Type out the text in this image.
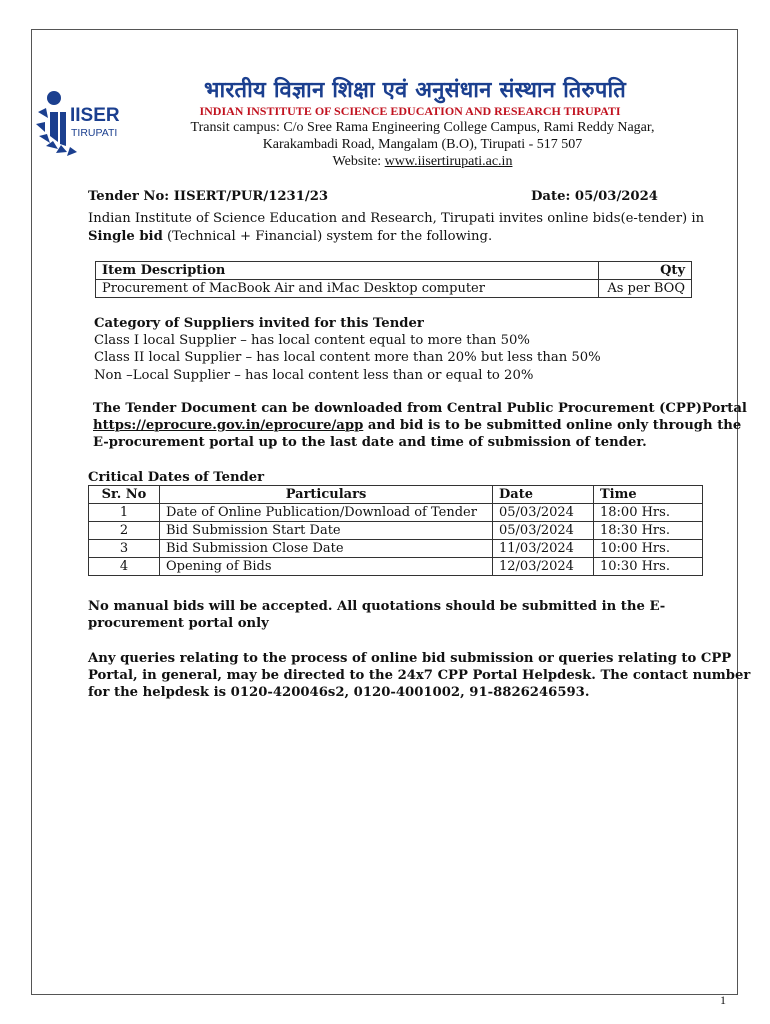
IISER
TIRUPATI
भारतीय विज्ञान शिक्षा एवं अनुसंधान संस्थान तिरुपति
INDIAN INSTITUTE OF SCIENCE EDUCATION AND RESEARCH TIRUPATI
Transit campus: C/o Sree Rama Engineering College Campus, Rami Reddy Nagar,
Karakambadi Road, Mangalam (B.O), Tirupati - 517 507
Website: www.iisertirupati.ac.in
Tender No: IISERT/PUR/1231/23	Date: 05/03/2024
Indian Institute of Science Education and Research, Tirupati invites online bids(e-tender) in
Single bid (Technical + Financial) system for the following.
Item Description	Qty
Procurement of MacBook Air and iMac Desktop computer	As per BOQ
Category of Suppliers invited for this Tender
Class I local Supplier – has local content equal to more than 50%
Class II local Supplier – has local content more than 20% but less than 50%
Non –Local Supplier – has local content less than or equal to 20%
The Tender Document can be downloaded from Central Public Procurement (CPP)Portal
https://eprocure.gov.in/eprocure/app and bid is to be submitted online only through the
E-procurement portal up to the last date and time of submission of tender.
Critical Dates of Tender
Sr. No	Particulars	Date	Time
1	Date of Online Publication/Download of Tender	05/03/2024	18:00 Hrs.
2	Bid Submission Start Date	05/03/2024	18:30 Hrs.
3	Bid Submission Close Date	11/03/2024	10:00 Hrs.
4	Opening of Bids	12/03/2024	10:30 Hrs.
No manual bids will be accepted. All quotations should be submitted in the E-
procurement portal only
Any queries relating to the process of online bid submission or queries relating to CPP
Portal, in general, may be directed to the 24x7 CPP Portal Helpdesk. The contact number
for the helpdesk is 0120-420046s2, 0120-4001002, 91-8826246593.
1
